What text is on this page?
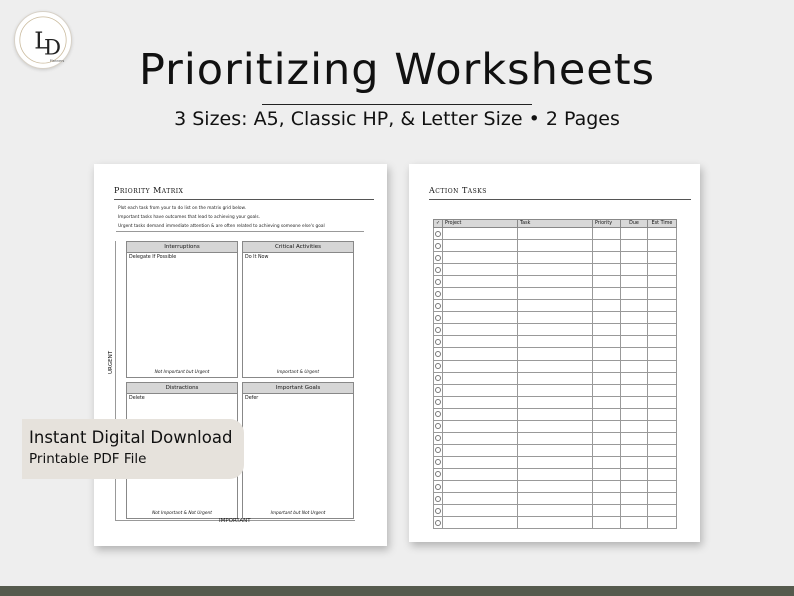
L
D
Planners	Prioritizing Worksheets
3 Sizes: A5, Classic HP, & Letter Size • 2 Pages
Priority Matrix
Plot each task from your to do list on the matrix grid below.
Important tasks have outcomes that lead to achieving your goals.
Urgent tasks demand immediate attention & are often related to achieving someone else's goal
Interruptions
Delegate If Possible
Not Important but Urgent
Critical Activities
Do It Now
Important & Urgent
Distractions
Delete
Not Important & Not Urgent
Important Goals
Defer
Important but Not Urgent
URGENT
IMPORTANT
Action Tasks
✓	Project	Task	Priority	Due	Est Time

Instant Digital Download
Printable PDF File
